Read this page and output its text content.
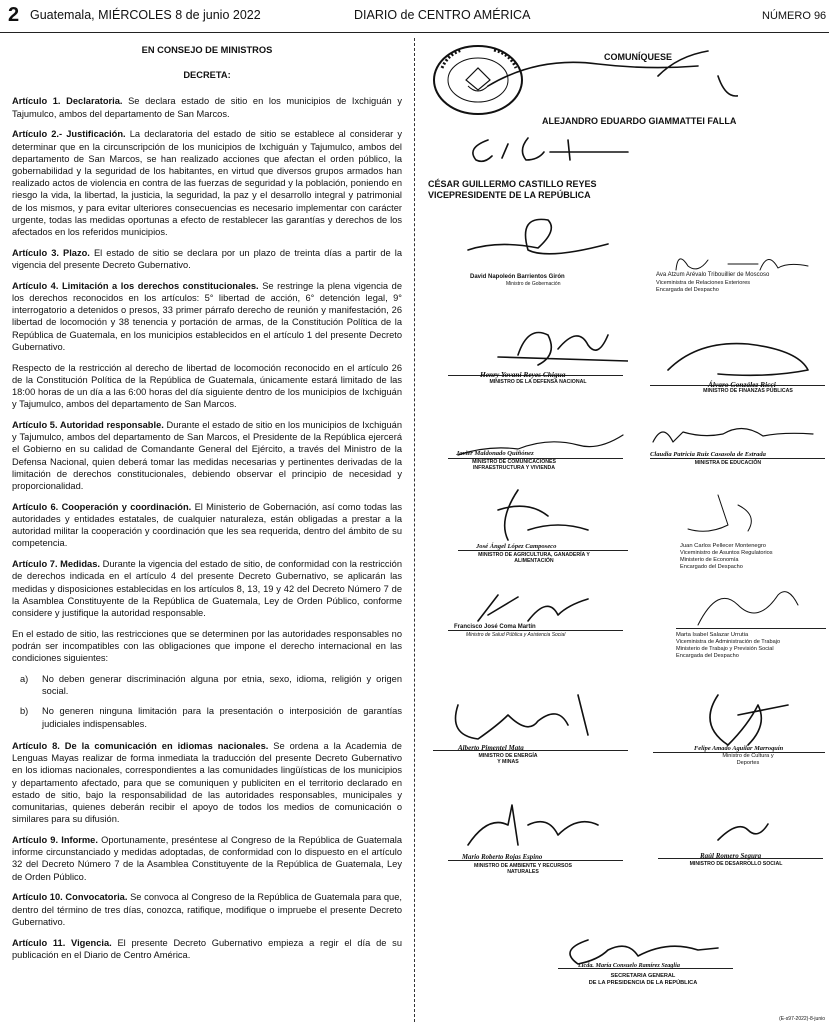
2 Guatemala, MIÉRCOLES 8 de junio 2022	DIARIO de CENTRO AMÉRICA	NÚMERO 96
EN CONSEJO DE MINISTROS
DECRETA:

Artículo 1. Declaratoria. Se declara estado de sitio en los municipios de Ixchiguán y Tajumulco, ambos del departamento de San Marcos.

Artículo 2.- Justificación. La declaratoria del estado de sitio se establece al considerar y determinar que en la circunscripción de los municipios de Ixchiguán y Tajumulco, ambos del departamento de San Marcos, se han realizado acciones que afectan el orden público, la gobernabilidad y la seguridad de los habitantes, en virtud que diversos grupos armados han realizado actos de violencia en contra de las fuerzas de seguridad y la población, poniendo en riesgo la vida, la libertad, la justicia, la seguridad, la paz y el desarrollo integral y patrimonial de los mismos, y para evitar ulteriores consecuencias es necesario implementar con carácter urgente, todas las medidas oportunas a efecto de restablecer las garantías y derechos de los afectados en los referidos municipios.

Artículo 3. Plazo. El estado de sitio se declara por un plazo de treinta días a partir de la vigencia del presente Decreto Gubernativo.

Artículo 4. Limitación a los derechos constitucionales. Se restringe la plena vigencia de los derechos reconocidos en los artículos: 5° libertad de acción, 6° detención legal, 9° interrogatorio a detenidos o presos, 33 primer párrafo derecho de reunión y manifestación, 26 libertad de locomoción y 38 tenencia y portación de armas, de la Constitución Política de la República de Guatemala, en los municipios establecidos en el artículo 1 del presente Decreto Gubernativo.

Respecto de la restricción al derecho de libertad de locomoción reconocido en el artículo 26 de la Constitución Política de la República de Guatemala, únicamente estará limitado de las 18:00 horas de un día a las 6:00 horas del día siguiente dentro de los municipios de Ixchiguán y Tajumulco, ambos del departamento de San Marcos.

Artículo 5. Autoridad responsable. Durante el estado de sitio en los municipios de Ixchiguán y Tajumulco, ambos del departamento de San Marcos, el Presidente de la República ejercerá el Gobierno en su calidad de Comandante General del Ejército, a través del Ministro de la Defensa Nacional, quien deberá tomar las medidas necesarias y pertinentes derivadas de la limitación de derechos constitucionales, debiendo observar el principio de necesidad y proporcionalidad.

Artículo 6. Cooperación y coordinación. El Ministerio de Gobernación, así como todas las autoridades y entidades estatales, de cualquier naturaleza, están obligadas a prestar a la autoridad militar la cooperación y coordinación que les sea requerida, dentro del ámbito de su competencia.

Artículo 7. Medidas. Durante la vigencia del estado de sitio, de conformidad con la restricción de derechos indicada en el artículo 4 del presente Decreto Gubernativo, se aplicarán las medidas y disposiciones establecidas en los artículos 8, 13, 19 y 42 del Decreto Número 7 de la Asamblea Constituyente de la República de Guatemala, Ley de Orden Público, conforme considere y justifique la autoridad responsable.

En el estado de sitio, las restricciones que se determinen por las autoridades responsables no podrán ser incompatibles con las obligaciones que impone el derecho internacional en las condiciones siguientes:

a)	No deben generar discriminación alguna por etnia, sexo, idioma, religión y origen social.
b)	No generen ninguna limitación para la presentación o interposición de garantías judiciales indispensables.

Artículo 8. De la comunicación en idiomas nacionales. Se ordena a la Academia de Lenguas Mayas realizar de forma inmediata la traducción del presente Decreto Gubernativo en los idiomas nacionales, correspondientes a las comunidades lingüísticas de los municipios y departamento afectado, para que se comuniquen y publiciten en el territorio declarado en estado de sitio, bajo la responsabilidad de las autoridades responsables, municipales y comunitarias, quienes deberán recibir el apoyo de todos los medios de comunicación o similares para su difusión.

Artículo 9. Informe. Oportunamente, preséntese al Congreso de la República de Guatemala informe circunstanciado y medidas adoptadas, de conformidad con lo dispuesto en el artículo 32 del Decreto Número 7 de la Asamblea Constituyente de la República de Guatemala, Ley de Orden Público.

Artículo 10. Convocatoria. Se convoca al Congreso de la República de Guatemala para que, dentro del término de tres días, conozca, ratifique, modifique o impruebe el presente Decreto Gubernativo.

Artículo 11. Vigencia. El presente Decreto Gubernativo empieza a regir el día de su publicación en el Diario de Centro América.

COMUNÍQUESE
ALEJANDRO EDUARDO GIAMMATTEI FALLA
CÉSAR GUILLERMO CASTILLO REYES
VICEPRESIDENTE DE LA REPÚBLICA
David Napoleón Barrientos Girón
Ministro de Gobernación
Ava Atzum Arévalo Tribouillier de Moscoso
Viceministra de Relaciones Exteriores
Encargada del Despacho
Henry Yovani Reyes Chigua
MINISTRO DE LA DEFENSA NACIONAL	Álvaro González Ricci
MINISTRO DE FINANZAS PÚBLICAS
Javier Maldonado Quiñónez
MINISTRO DE COMUNICACIONES INFRAESTRUCTURA Y VIVIENDA
Claudia Patricia Ruiz Casasola de Estrada
MINISTRA DE EDUCACIÓN
José Ángel López Camposeco
MINISTRO DE AGRICULTURA, GANADERÍA Y ALIMENTACIÓN
Juan Carlos Pellecer Montenegro
Viceministro de Asuntos Regulatorios
Ministerio de Economía
Encargado del Despacho
Francisco José Coma Martín
Ministro de Salud Pública y Asistencia Social	Marta Isabel Salazar Urrutia
Viceministra de Administración de Trabajo
Ministerio de Trabajo y Previsión Social
Encargada del Despacho
Alberto Pimentel Mata
MINISTRO DE ENERGÍA Y MINAS
Felipe Amado Aguilar Marroquín
Ministro de Cultura y Deportes
Mario Roberto Rojas Espino
MINISTRO DE AMBIENTE Y RECURSOS NATURALES
Raúl Romero Segura
MINISTRO DE DESARROLLO SOCIAL
Licda. María Consuelo Ramírez Szaglia
SECRETARIA GENERAL
DE LA PRESIDENCIA DE LA REPÚBLICA
(E-s97-2022)-8-junio
